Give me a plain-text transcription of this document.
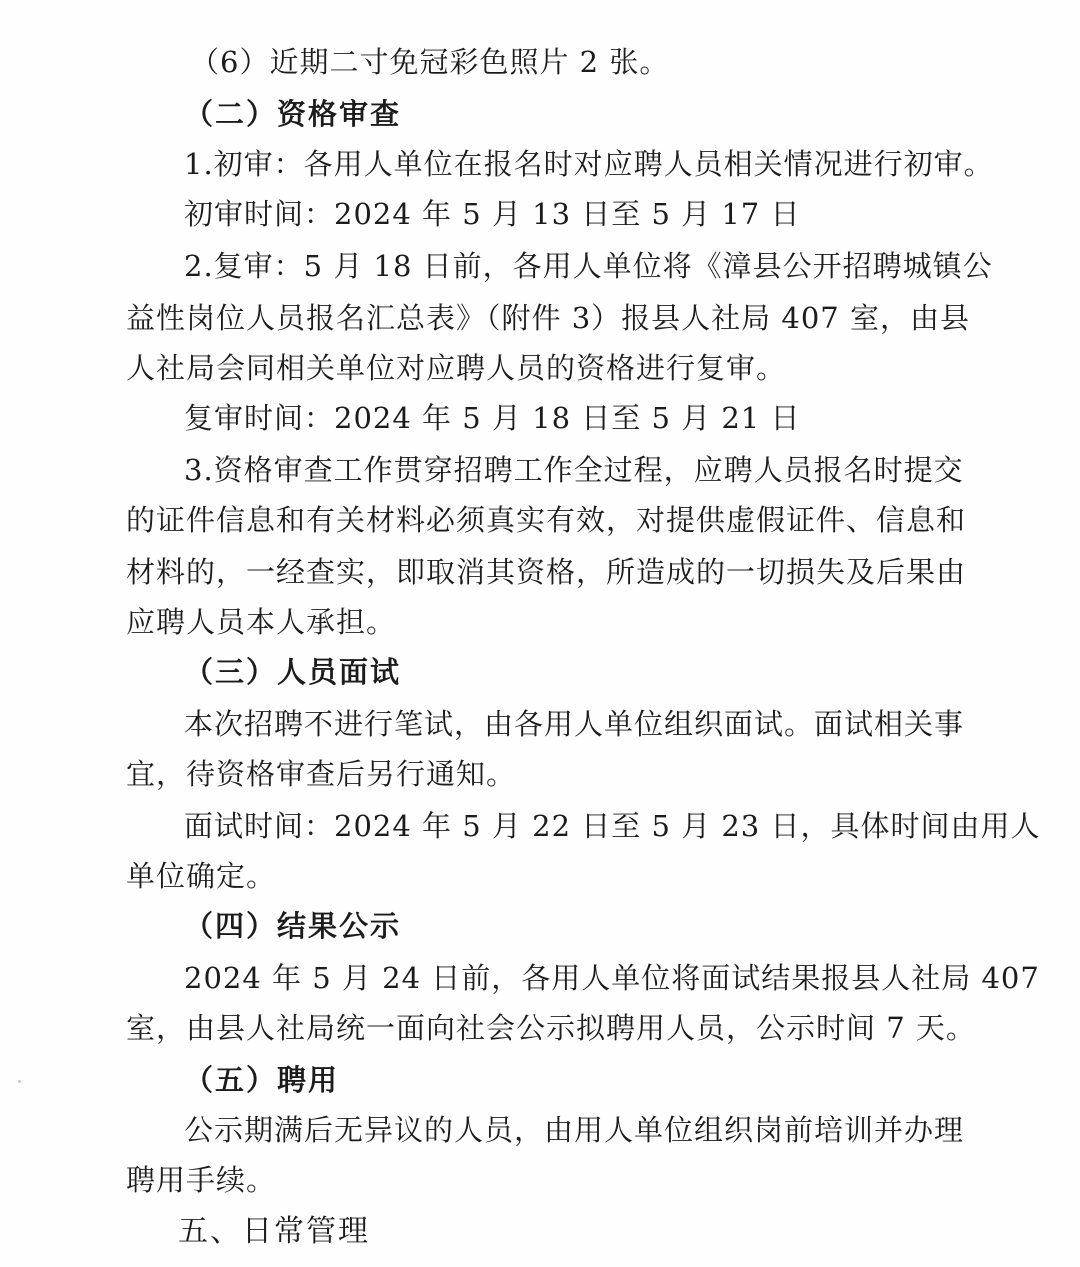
（6）近期二寸免冠彩色照片 2 张。
（二）资格审查
1.初审：各用人单位在报名时对应聘人员相关情况进行初审。
初审时间：2024 年 5 月 13 日至 5 月 17 日
2.复审：5 月 18 日前，各用人单位将《漳县公开招聘城镇公
益性岗位人员报名汇总表》（附件 3）报县人社局 407 室，由县
人社局会同相关单位对应聘人员的资格进行复审。
复审时间：2024 年 5 月 18 日至 5 月 21 日
3.资格审查工作贯穿招聘工作全过程，应聘人员报名时提交
的证件信息和有关材料必须真实有效，对提供虚假证件、信息和
材料的，一经查实，即取消其资格，所造成的一切损失及后果由
应聘人员本人承担。
（三）人员面试
本次招聘不进行笔试，由各用人单位组织面试。面试相关事
宜，待资格审查后另行通知。
面试时间：2024 年 5 月 22 日至 5 月 23 日，具体时间由用人
单位确定。
（四）结果公示
2024 年 5 月 24 日前，各用人单位将面试结果报县人社局 407
室，由县人社局统一面向社会公示拟聘用人员，公示时间 7 天。
（五）聘用
公示期满后无异议的人员，由用人单位组织岗前培训并办理
聘用手续。
五、日常管理
